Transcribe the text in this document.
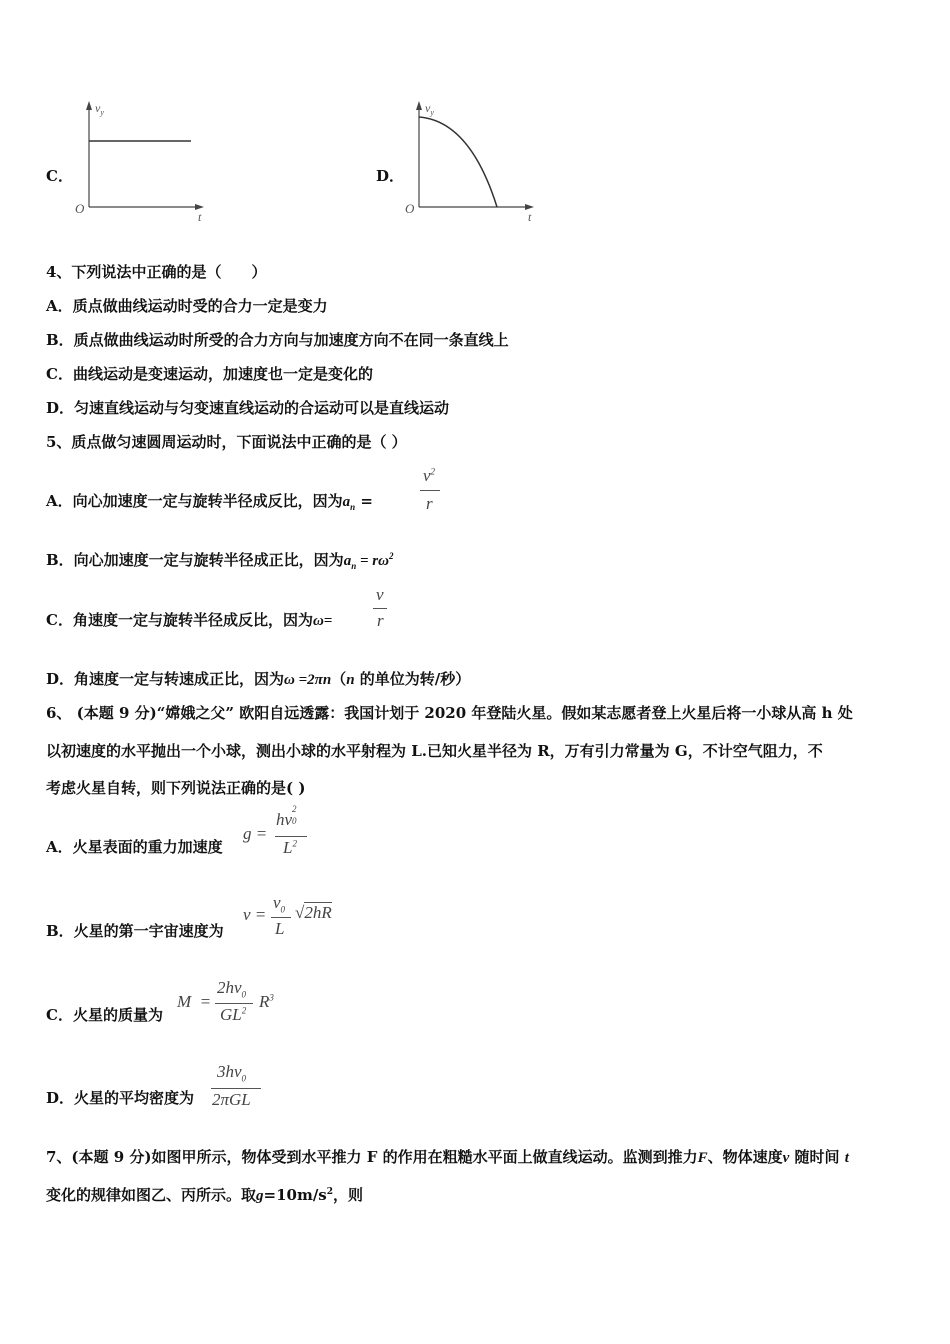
C．
$v_y$
O
t
D．
$v_y$
O
t
4、下列说法中正确的是（　　）
A．质点做曲线运动时受的合力一定是变力
B．质点做曲线运动时所受的合力方向与加速度方向不在同一条直线上
C．曲线运动是变速运动，加速度也一定是变化的
D．匀速直线运动与匀变速直线运动的合运动可以是直线运动
5、质点做匀速圆周运动时，下面说法中正确的是（ ）
A．向心加速度一定与旋转半径成反比，因为$a_n$ =
$v^2$
r
B．向心加速度一定与旋转半径成正比，因为$a_n = r\omega^2$
C．角速度一定与旋转半径成反比，因为ω=
v
r
D．角速度一定与转速成正比，因为ω =2πn（n 的单位为转/秒）
6、 (本题 9 分)“嫦娥之父” 欧阳自远透露：我国计划于 2020 年登陆火星。假如某志愿者登上火星后将一小球从高 h 处
以初速度的水平抛出一个小球，测出小球的水平射程为 L.已知火星半径为 R，万有引力常量为 G，不计空气阻力，不
考虑火星自转，则下列说法正确的是( )
A．火星表面的重力加速度
g =
hv
2
0
$L^2$
B．火星的第一宇宙速度为
v =
$v_0$
L
√2hR
C．火星的质量为
M =
$2hv_0$
$GL^2$ $R^3$
D．火星的平均密度为
$3hv_0$
2πGL
7、(本题 9 分)如图甲所示，物体受到水平推力 F 的作用在粗糙水平面上做直线运动。监测到推力F、物体速度v 随时间 t
变化的规律如图乙、丙所示。取$g=10m/s^2$，则
